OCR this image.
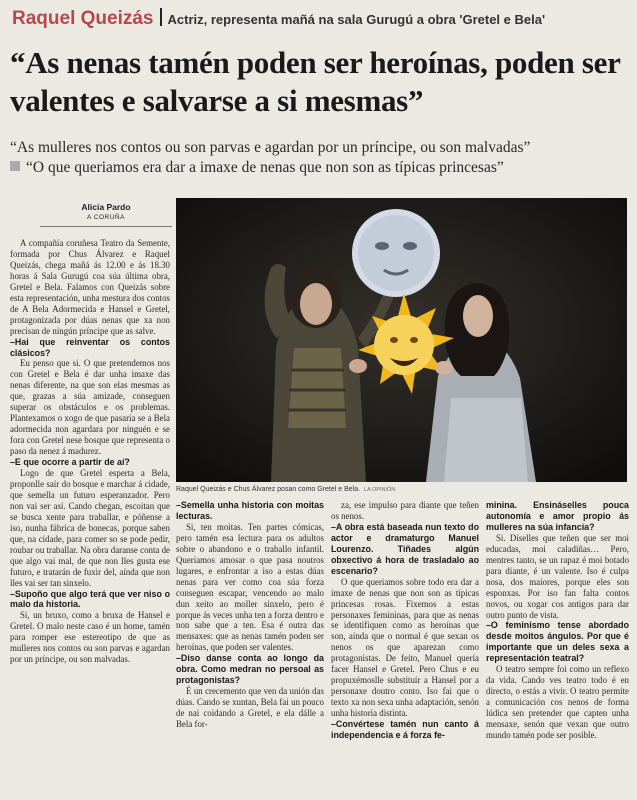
Raquel Queizás Actriz, representa mañá na sala Gurugú a obra 'Gretel e Bela'
“As nenas tamén poden ser heroínas, poden ser valentes e salvarse a si mesmas”
“As mulleres nos contos ou son parvas e agardan por un príncipe, ou son malvadas”
“O que queriamos era dar a imaxe de nenas que non son as típicas princesas”
Alicia Pardo
A CORUÑA

A compañía coruñesa Teatro da Semente, formada por Chus Álvarez e Raquel Queizás, chega mañá ás 12.00 e ás 18.30 horas á Sala Gurugú coa súa última obra, Gretel e Bela. Falamos con Queizás sobre esta representación, unha mestura dos contos de A Bela Adormecida e Hansel e Gretel, protagonizada por dúas nenas que xa non precisan de ningún príncipe que as salve.

–Hai que reinventar os contos clásicos?

Eu penso que si. O que pretendemos nos con Gretel e Bela é dar unha imaxe das nenas diferente, na que son elas mesmas as que, grazas a súa amizade, conseguen superar os obstáculos e os problemas. Plantexamos o xogo de que pasaría se a Bela adormecida non agardara por ninguén e se fora con Gretel nese bosque que representa o paso da nenez á madurez.

–E que ocorre a partir de aí?

Logo de que Gretel esperta a Bela, proponlle saír do bosque e marchar á cidade, que semella un futuro esperanzador. Pero non vai ser así. Cando chegan, escoitan que se busca xente para traballar, e póñense a iso, nunha fábrica de bonecas, porque saben que, na cidade, para comer so se pode pedir, roubar ou traballar. Na obra daranse conta de que algo vai mal, de que non lles gusta ese futuro, e tratarán de fuxir del, aínda que non lles vai ser tan sinxelo.

–Supoño que algo terá que ver niso o malo da historia.

Si, un bruxo, como a bruxa de Hansel e Gretel. O malo neste caso é un home, tamén para romper ese estereotipo de que as mulleres nos contos ou son parvas e agardan por un príncipe, ou son malvadas.

Raquel Queizás e Chus Álvarez posan como Gretel e Bela. LA OPINIÓN

–Semella unha historia con moitas lecturas.

Si, ten moitas. Ten partes cómicas, pero tamén esa lectura para os adultos sobre o abandono e o traballo infantil. Queriamos amosar o que pasa noutros lugares, e enfrontar a iso a estas dúas nenas para ver como coa súa forza conseguen escapar, vencendo ao malo dun xeito ao moller sinxelo, pero é porque ás veces unha ten a forza dentro e non sabe que a ten. Esa é outra das mensaxes: que as nenas tamén poden ser heroínas, que poden ser valentes.

–Diso danse conta ao longo da obra. Como medran no persoal as protagonistas?

É un crecemento que ven da unión das dúas. Cando se xuntan, Bela fai un pouco de nai coidando a Gretel, e ela dálle a Bela for-

za, ese impulso para diante que teñen os nenos.

–A obra está baseada nun texto do actor e dramaturgo Manuel Lourenzo. Tiñades algún obxectivo á hora de trasladalo ao escenario?

O que queriamos sobre todo era dar a imaxe de nenas que non son as típicas princesas rosas. Fixemos a estas personaxes femininas, para que as nenas se identifiquen como as heroínas que son, aínda que o normal é que sexan os nenos os que aparezan como protagonistas. De feito, Manuel quería facer Hansel e Gretel. Pero Chus e eu propuxémoslle substituír a Hansel por a personaxe doutro conto. Iso fai que o texto xa non sexa unha adaptación, senón unha historia distinta.

–Convértese tamén nun canto á independencia e á forza fe-

minina. Ensináselles pouca autonomía e amor propio ás mulleres na súa infancia?

Si. Díselles que teñen que ser moi educadas, moi caladiñas… Pero, mentres tanto, se un rapaz é moi botado para diante, é un valente. Iso é culpa nosa, dos maiores, porque eles son esponxas. Por iso fan falta contos novos, ou xogar cos antigos para dar outro punto de vista.

–O feminismo tense abordado desde moitos ángulos. Por que é importante que un deles sexa a representación teatral?

O teatro sempre foi como un reflexo da vida. Cando ves teatro todo é en directo, o estás a vivir. O teatro permite a comunicación cos nenos de forma lúdica sen pretender que capten unha mensaxe, senón que vexan que outro mundo tamén pode ser posible.
